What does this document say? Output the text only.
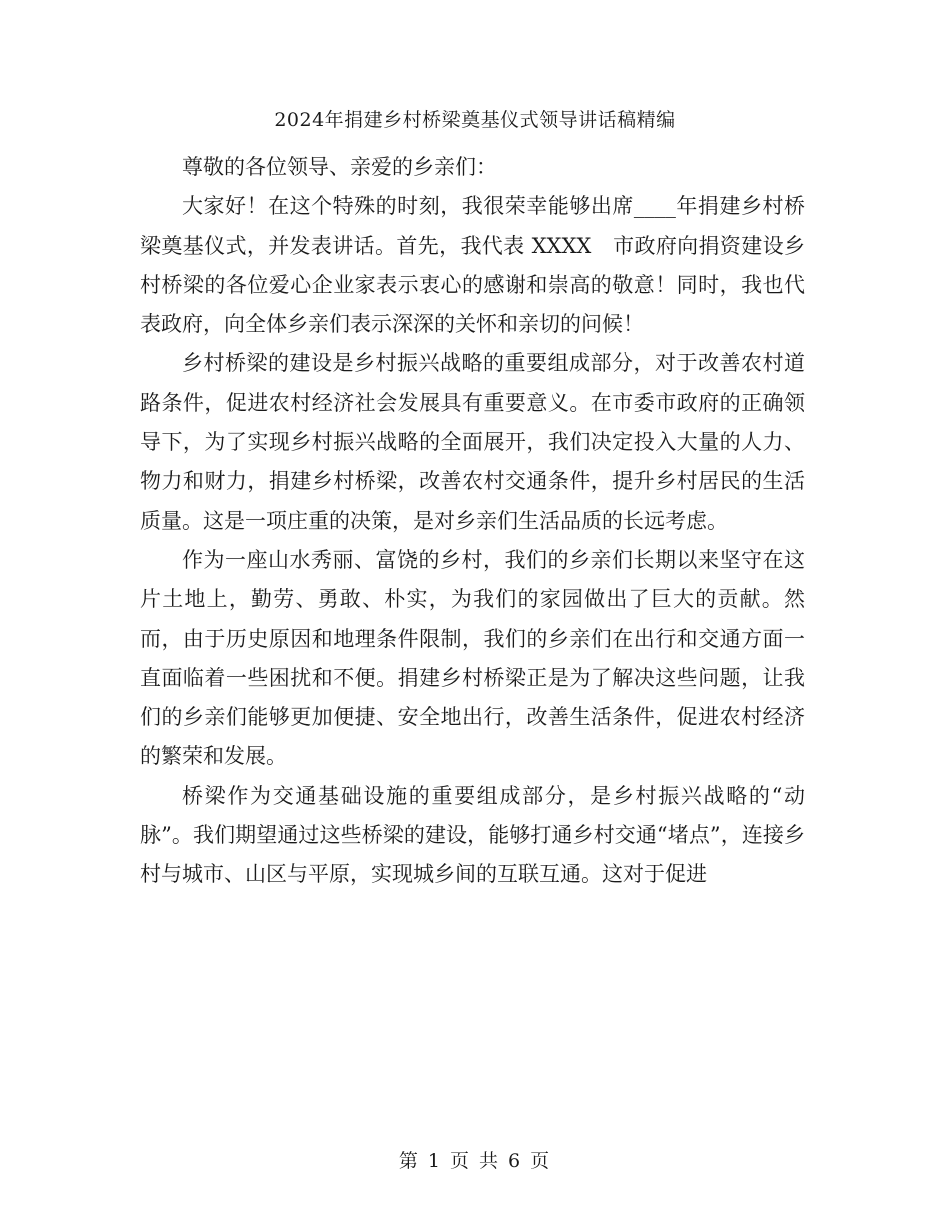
2024年捐建乡村桥梁奠基仪式领导讲话稿精编

尊敬的各位领导、亲爱的乡亲们：

大家好！在这个特殊的时刻，我很荣幸能够出席____年捐建乡村桥梁奠基仪式，并发表讲话。首先，我代表 XXXX　市政府向捐资建设乡村桥梁的各位爱心企业家表示衷心的感谢和崇高的敬意！同时，我也代表政府，向全体乡亲们表示深深的关怀和亲切的问候！

乡村桥梁的建设是乡村振兴战略的重要组成部分，对于改善农村道路条件，促进农村经济社会发展具有重要意义。在市委市政府的正确领导下，为了实现乡村振兴战略的全面展开，我们决定投入大量的人力、物力和财力，捐建乡村桥梁，改善农村交通条件，提升乡村居民的生活质量。这是一项庄重的决策，是对乡亲们生活品质的长远考虑。

作为一座山水秀丽、富饶的乡村，我们的乡亲们长期以来坚守在这片土地上，勤劳、勇敢、朴实，为我们的家园做出了巨大的贡献。然而，由于历史原因和地理条件限制，我们的乡亲们在出行和交通方面一直面临着一些困扰和不便。捐建乡村桥梁正是为了解决这些问题，让我们的乡亲们能够更加便捷、安全地出行，改善生活条件，促进农村经济的繁荣和发展。

桥梁作为交通基础设施的重要组成部分，是乡村振兴战略的“动脉”。我们期望通过这些桥梁的建设，能够打通乡村交通“堵点”，连接乡村与城市、山区与平原，实现城乡间的互联互通。这对于促进

第 1 页 共 6 页
